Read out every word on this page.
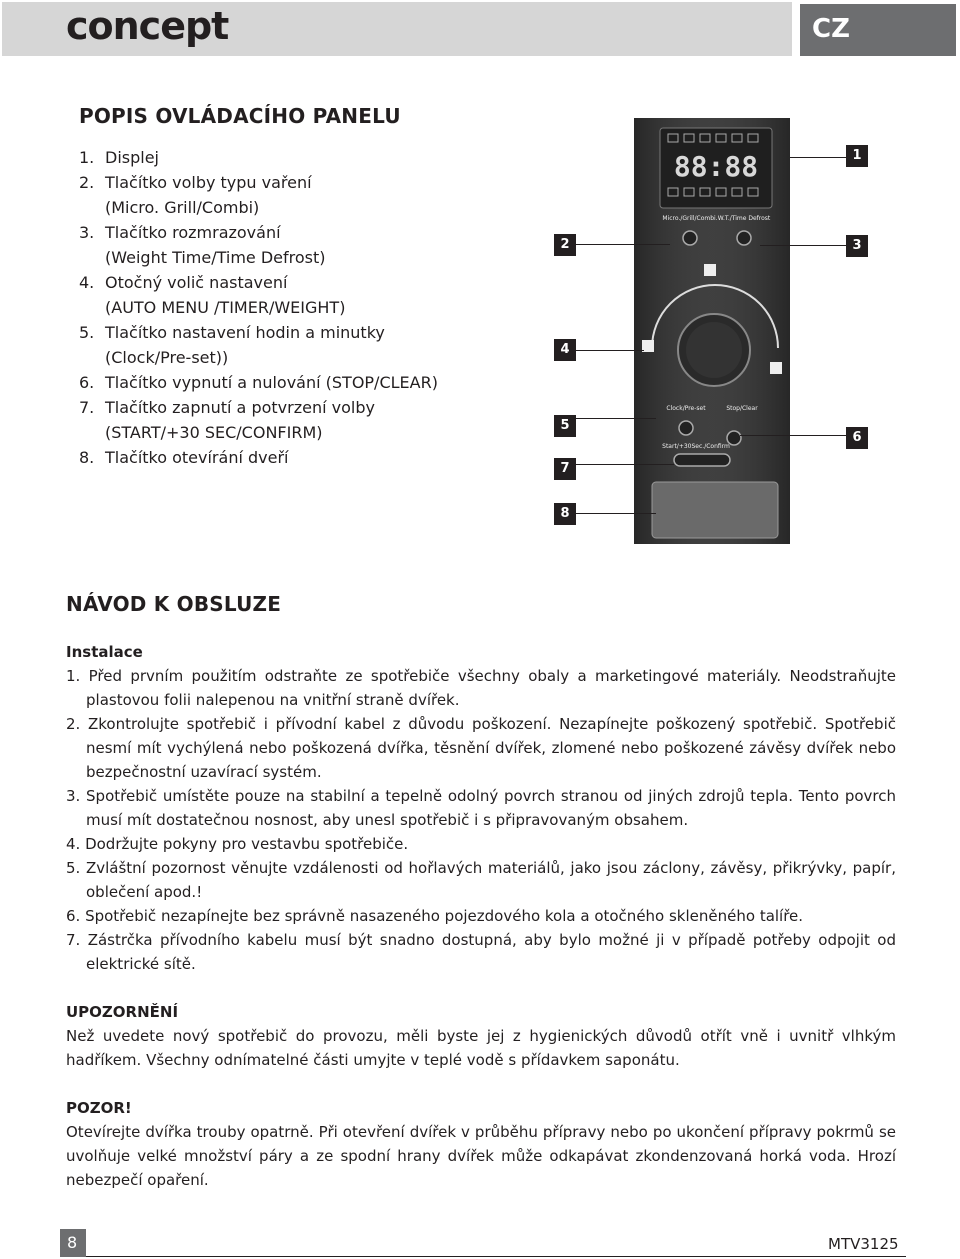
concept	CZ
POPIS OVLÁDACÍHO PANELU
1. Displej
2. Tlačítko volby typu vaření
(Micro. Grill/Combi)
3. Tlačítko rozmrazování
(Weight Time/Time Defrost)
4. Otočný volič nastavení
(AUTO MENU /TIMER/WEIGHT)
5. Tlačítko nastavení hodin a minutky
(Clock/Pre-set))
6. Tlačítko vypnutí a nulování (STOP/CLEAR)
7. Tlačítko zapnutí a potvrzení volby
(START/+30 SEC/CONFIRM)
8. Tlačítko otevírání dveří
88:88
Micro./Grill/Combi. W.T./Time Defrost
Clock/Pre-set	Stop/Clear
Start/+30Sec./Confirm
1
2	3
4
5
6
7
8
NÁVOD K OBSLUZE
Instalace
1. Před prvním použitím odstraňte ze spotřebiče všechny obaly a marketingové materiály. Neodstraňujte plastovou folii nalepenou na vnitřní straně dvířek.
2. Zkontrolujte spotřebič i přívodní kabel z důvodu poškození. Nezapínejte poškozený spotřebič. Spotřebič nesmí mít vychýlená nebo poškozená dvířka, těsnění dvířek, zlomené nebo poškozené závěsy dvířek nebo bezpečnostní uzavírací systém.
3. Spotřebič umístěte pouze na stabilní a tepelně odolný povrch stranou od jiných zdrojů tepla. Tento povrch musí mít dostatečnou nosnost, aby unesl spotřebič i s připravovaným obsahem.
4. Dodržujte pokyny pro vestavbu spotřebiče.
5. Zvláštní pozornost věnujte vzdálenosti od hořlavých materiálů, jako jsou záclony, závěsy, přikrývky, papír, oblečení apod.!
6. Spotřebič nezapínejte bez správně nasazeného pojezdového kola a otočného skleněného talíře.
7. Zástrčka přívodního kabelu musí být snadno dostupná, aby bylo možné ji v případě potřeby odpojit od elektrické sítě.
UPOZORNĚNÍ

Než uvedete nový spotřebič do provozu, měli byste jej z hygienických důvodů otřít vně i uvnitř vlhkým hadříkem. Všechny odnímatelné části umyjte v teplé vodě s přídavkem saponátu.

POZOR!

Otevírejte dvířka trouby opatrně. Při otevření dvířek v průběhu přípravy nebo po ukončení přípravy pokrmů se uvolňuje velké množství páry a ze spodní hrany dvířek může odkapávat zkondenzovaná horká voda. Hrozí nebezpečí opaření.

8	MTV3125
